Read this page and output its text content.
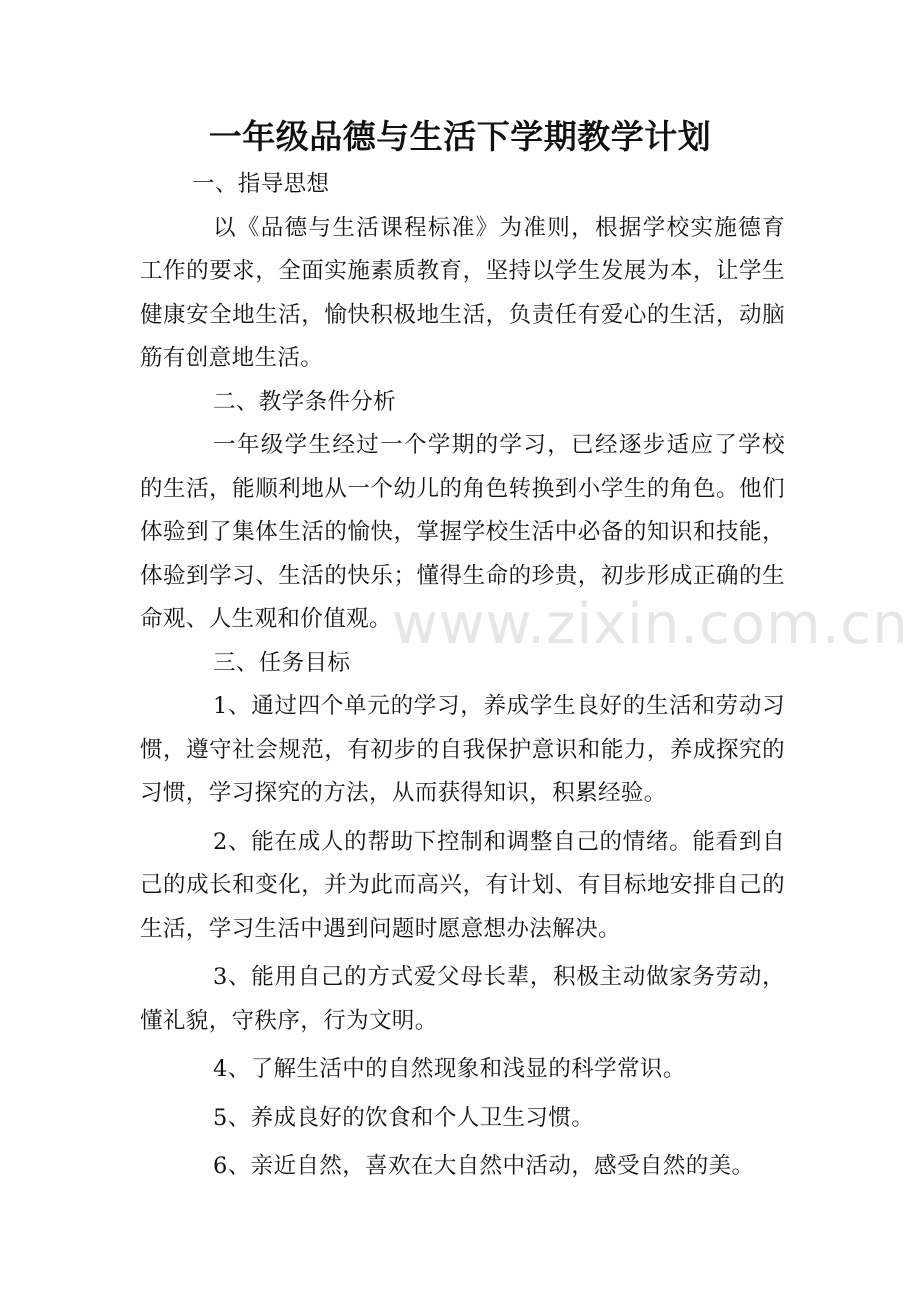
一年级品德与生活下学期教学计划

一、指导思想

以《品德与生活课程标准》为准则，根据学校实施德育工作的要求，全面实施素质教育，坚持以学生发展为本，让学生健康安全地生活，愉快积极地生活，负责任有爱心的生活，动脑筋有创意地生活。

二、教学条件分析

一年级学生经过一个学期的学习，已经逐步适应了学校的生活，能顺利地从一个幼儿的角色转换到小学生的角色。他们体验到了集体生活的愉快，掌握学校生活中必备的知识和技能，体验到学习、生活的快乐；懂得生命的珍贵，初步形成正确的生命观、人生观和价值观。

三、任务目标

1、通过四个单元的学习，养成学生良好的生活和劳动习惯，遵守社会规范，有初步的自我保护意识和能力，养成探究的习惯，学习探究的方法，从而获得知识，积累经验。

2、能在成人的帮助下控制和调整自己的情绪。能看到自己的成长和变化，并为此而高兴，有计划、有目标地安排自己的生活，学习生活中遇到问题时愿意想办法解决。

3、能用自己的方式爱父母长辈，积极主动做家务劳动，懂礼貌，守秩序，行为文明。

4、了解生活中的自然现象和浅显的科学常识。

5、养成良好的饮食和个人卫生习惯。

6、亲近自然，喜欢在大自然中活动，感受自然的美。

www.zixin.com.cn
